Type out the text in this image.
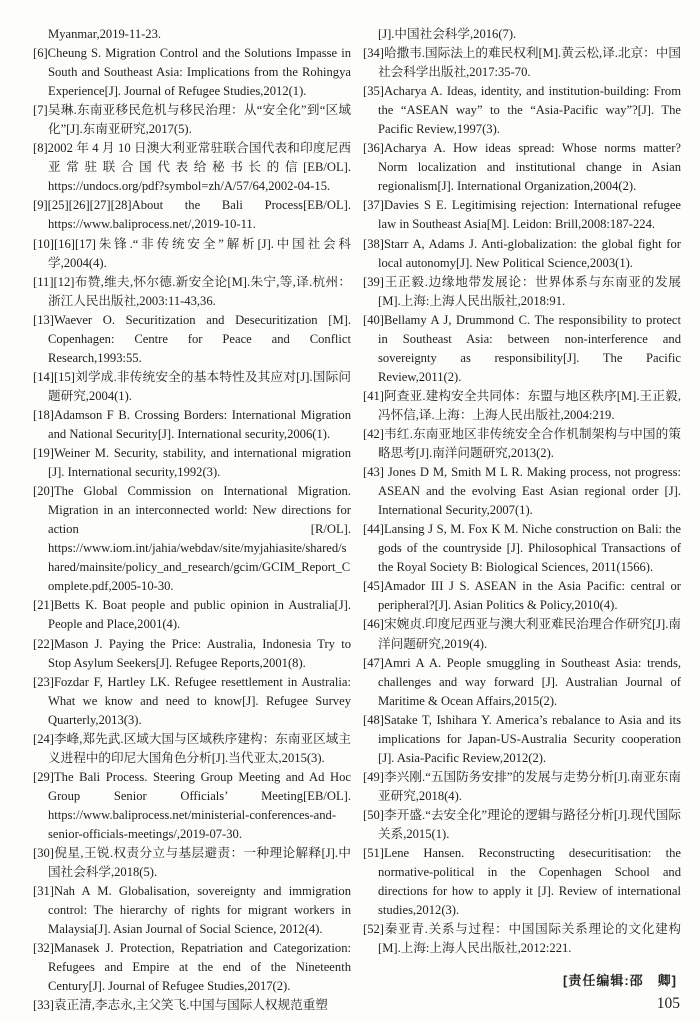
Myanmar,2019-11-23.

[6]Cheung S. Migration Control and the Solutions Impasse in South and Southeast Asia: Implications from the Rohingya Experience[J]. Journal of Refugee Studies,2012(1).

[7]吴琳.东南亚移民危机与移民治理：从“安全化”到“区域化”[J].东南亚研究,2017(5).

[8]2002 年 4 月 10 日澳大利亚常驻联合国代表和印度尼西亚常驻联合国代表给秘书长的信[EB/OL]. https://undocs.org/pdf?symbol=zh/A/57/64,2002-04-15.

[9][25][26][27][28]About the Bali Process[EB/OL]. https://www.baliprocess.net/,2019-10-11.

[10][16][17]朱锋.“非传统安全”解析[J].中国社会科学,2004(4).

[11][12]布赞,维夫,怀尔德.新安全论[M].朱宁,等,译.杭州：浙江人民出版社,2003:11-43,36.

[13]Waever O. Securitization and Desecuritization [M]. Copenhagen: Centre for Peace and Conflict Research,1993:55.

[14][15]刘学成.非传统安全的基本特性及其应对[J].国际问题研究,2004(1).

[18]Adamson F B. Crossing Borders: International Migration and National Security[J]. International security,2006(1).

[19]Weiner M. Security, stability, and international migration [J]. International security,1992(3).

[20]The Global Commission on International Migration. Migration in an interconnected world: New directions for action [R/OL]. https://www.iom.int/jahia/webdav/site/myjahiasite/shared/shared/mainsite/policy_and_research/gcim/GCIM_Report_Complete.pdf,2005-10-30.

[21]Betts K. Boat people and public opinion in Australia[J]. People and Place,2001(4).

[22]Mason J. Paying the Price: Australia, Indonesia Try to Stop Asylum Seekers[J]. Refugee Reports,2001(8).

[23]Fozdar F, Hartley LK. Refugee resettlement in Australia: What we know and need to know[J]. Refugee Survey Quarterly,2013(3).

[24]李峰,郑先武.区域大国与区域秩序建构：东南亚区域主义进程中的印尼大国角色分析[J].当代亚太,2015(3).

[29]The Bali Process. Steering Group Meeting and Ad Hoc Group Senior Officials’ Meeting[EB/OL]. https://www.baliprocess.net/ministerial-conferences-and-senior-officials-meetings/,2019-07-30.

[30]倪星,王锐.权责分立与基层避责：一种理论解释[J].中国社会科学,2018(5).

[31]Nah A M. Globalisation, sovereignty and immigration control: The hierarchy of rights for migrant workers in Malaysia[J]. Asian Journal of Social Science, 2012(4).

[32]Manasek J. Protection, Repatriation and Categorization: Refugees and Empire at the end of the Nineteenth Century[J]. Journal of Refugee Studies,2017(2).

[33]袁正清,李志永,主父笑飞.中国与国际人权规范重塑

[J].中国社会科学,2016(7).

[34]哈撒韦.国际法上的难民权利[M].黄云松,译.北京：中国社会科学出版社,2017:35-70.

[35]Acharya A. Ideas, identity, and institution-building: From the “ASEAN way” to the “Asia-Pacific way”?[J]. The Pacific Review,1997(3).

[36]Acharya A. How ideas spread: Whose norms matter? Norm localization and institutional change in Asian regionalism[J]. International Organization,2004(2).

[37]Davies S E. Legitimising rejection: International refugee law in Southeast Asia[M]. Leidon: Brill,2008:187-224.

[38]Starr A, Adams J. Anti-globalization: the global fight for local autonomy[J]. New Political Science,2003(1).

[39]王正毅.边缘地带发展论：世界体系与东南亚的发展[M].上海:上海人民出版社,2018:91.

[40]Bellamy A J, Drummond C. The responsibility to protect in Southeast Asia: between non-interference and sovereignty as responsibility[J]. The Pacific Review,2011(2).

[41]阿查亚.建构安全共同体：东盟与地区秩序[M].王正毅,冯怀信,译.上海：上海人民出版社,2004:219.

[42]韦红.东南亚地区非传统安全合作机制架构与中国的策略思考[J].南洋问题研究,2013(2).

[43] Jones D M, Smith M L R. Making process, not progress: ASEAN and the evolving East Asian regional order [J]. International Security,2007(1).

[44]Lansing J S, M. Fox K M. Niche construction on Bali: the gods of the countryside [J]. Philosophical Transactions of the Royal Society B: Biological Sciences, 2011(1566).

[45]Amador III J S. ASEAN in the Asia Pacific: central or peripheral?[J]. Asian Politics & Policy,2010(4).

[46]宋婉贞.印度尼西亚与澳大利亚难民治理合作研究[J].南洋问题研究,2019(4).

[47]Amri A A. People smuggling in Southeast Asia: trends, challenges and way forward [J]. Australian Journal of Maritime & Ocean Affairs,2015(2).

[48]Satake T, Ishihara Y. America’s rebalance to Asia and its implications for Japan-US-Australia Security cooperation [J]. Asia-Pacific Review,2012(2).

[49]李兴刚.“五国防务安排”的发展与走势分析[J].南亚东南亚研究,2018(4).

[50]李开盛.“去安全化”理论的逻辑与路径分析[J].现代国际关系,2015(1).

[51]Lene Hansen. Reconstructing desecuritisation: the normative-political in the Copenhagen School and directions for how to apply it [J]. Review of international studies,2012(3).

[52]秦亚青.关系与过程：中国国际关系理论的文化建构[M].上海:上海人民出版社,2012:221.

[责任编辑:邵　卿]
105
